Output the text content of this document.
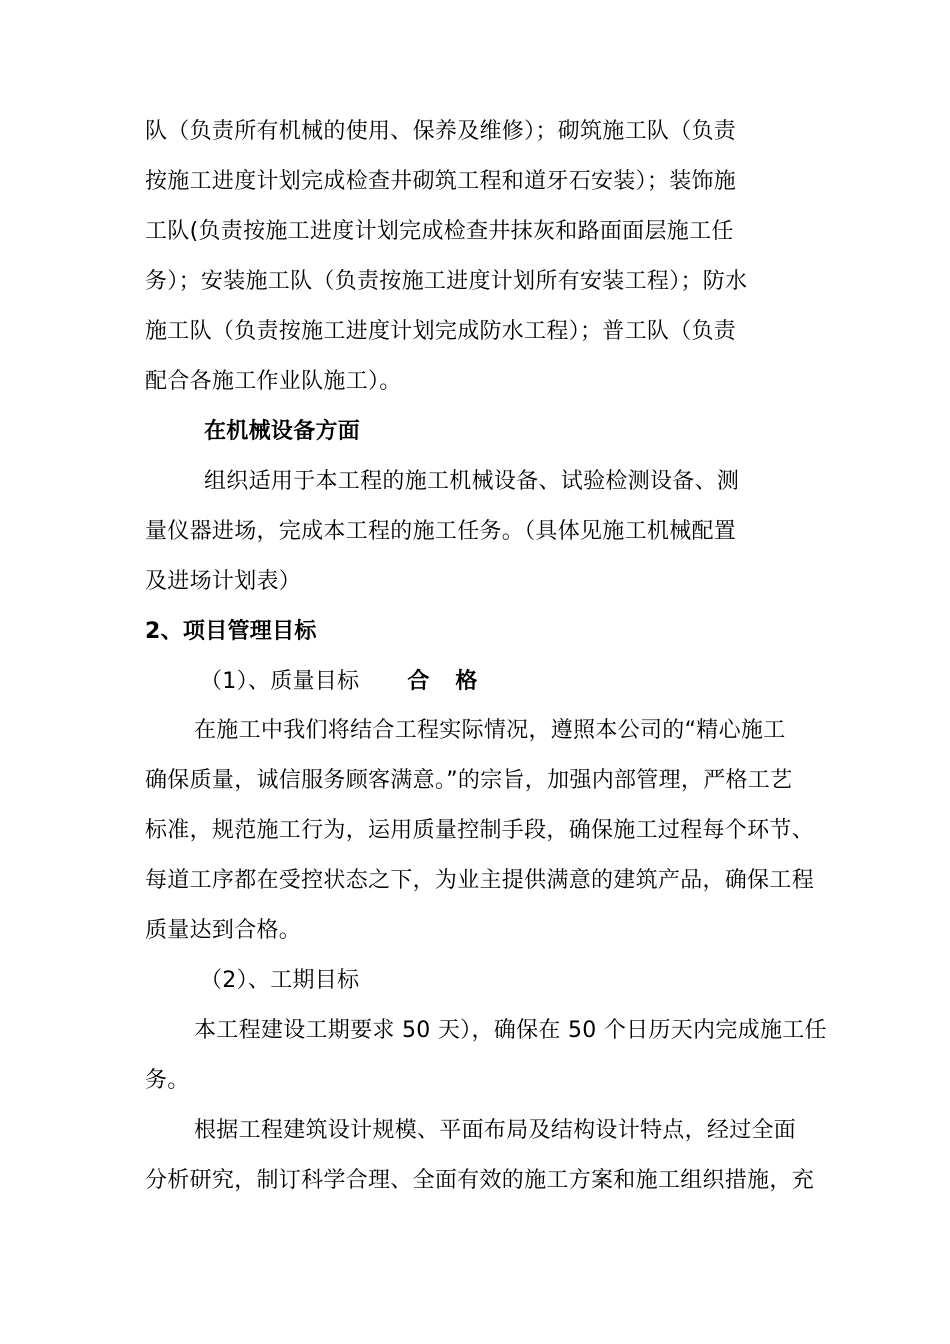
队（负责所有机械的使用、保养及维修）；砌筑施工队（负责
按施工进度计划完成检查井砌筑工程和道牙石安装）；装饰施
工队(负责按施工进度计划完成检查井抹灰和路面面层施工任
务）；安装施工队（负责按施工进度计划所有安装工程）；防水
施工队（负责按施工进度计划完成防水工程）；普工队（负责
配合各施工作业队施工）。
在机械设备方面
组织适用于本工程的施工机械设备、试验检测设备、测
量仪器进场，完成本工程的施工任务。（具体见施工机械配置
及进场计划表）
2、项目管理目标
（1）、质量目标 合格
在施工中我们将结合工程实际情况，遵照本公司的“精心施工
确保质量，诚信服务顾客满意。”的宗旨，加强内部管理，严格工艺
标准，规范施工行为，运用质量控制手段，确保施工过程每个环节、
每道工序都在受控状态之下，为业主提供满意的建筑产品，确保工程
质量达到合格。
（2）、工期目标
本工程建设工期要求 50 天），确保在 50 个日历天内完成施工任
务。
根据工程建筑设计规模、平面布局及结构设计特点，经过全面
分析研究，制订科学合理、全面有效的施工方案和施工组织措施，充
